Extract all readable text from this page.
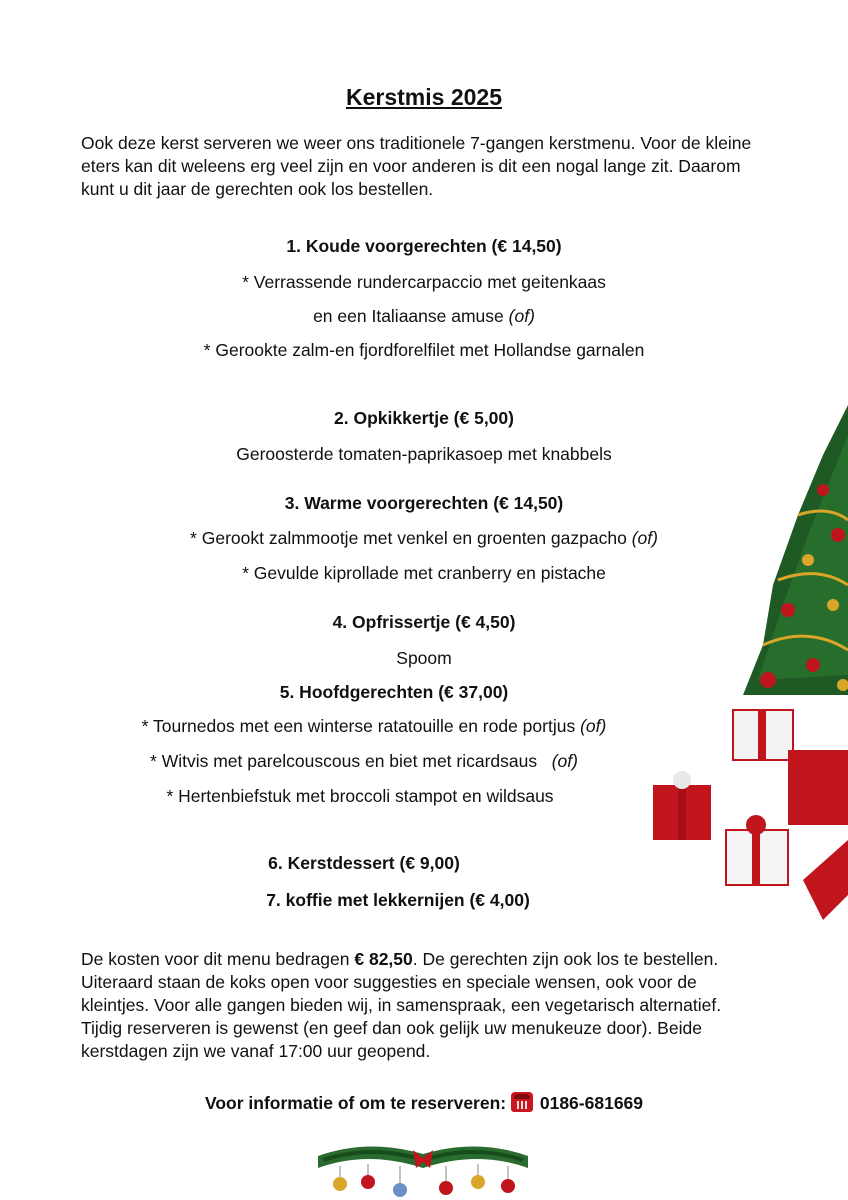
Kerstmis 2025
Ook deze kerst serveren we weer ons traditionele 7-gangen kerstmenu. Voor de kleine eters kan dit weleens erg veel zijn en voor anderen is dit een nogal lange zit. Daarom kunt u dit jaar de gerechten ook los bestellen.
1. Koude voorgerechten (€ 14,50)
* Verrassende rundercarpaccio met geitenkaas
en een Italiaanse amuse (of)
* Gerookte zalm-en fjordforelfilet met Hollandse garnalen
2. Opkikkertje (€ 5,00)
Geroosterde tomaten-paprikasoep met knabbels
3. Warme voorgerechten (€ 14,50)
* Gerookt zalmmootje met venkel en groenten gazpacho (of)
* Gevulde kiprollade met cranberry en pistache
4. Opfrissertje (€ 4,50)
Spoom
5. Hoofdgerechten (€ 37,00)
* Tournedos met een winterse ratatouille en rode portjus (of)
* Witvis met parelcouscous en biet met ricardsaus (of)
* Hertenbiefstuk met broccoli stampot en wildsaus
6. Kerstdessert (€ 9,00)
7. koffie met lekkernijen (€ 4,00)
De kosten voor dit menu bedragen € 82,50. De gerechten zijn ook los te bestellen. Uiteraard staan de koks open voor suggesties en speciale wensen, ook voor de kleintjes. Voor alle gangen bieden wij, in samenspraak, een vegetarisch alternatief. Tijdig reserveren is gewenst (en geef dan ook gelijk uw menukeuze door). Beide kerstdagen zijn we vanaf 17:00 uur geopend.
Voor informatie of om te reserveren: 0186-681669
